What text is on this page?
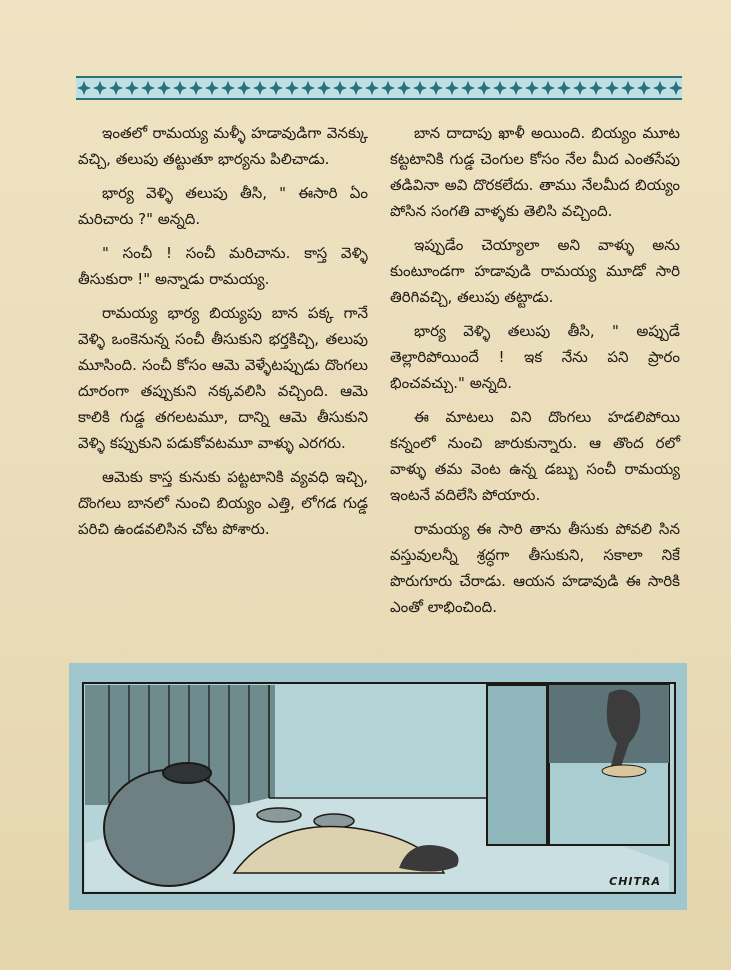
ఇంతలో రామయ్య మళ్ళీ హడావుడిగా వెనక్కు వచ్చి, తలుపు తట్టుతూ భార్యను పిలిచాడు.

భార్య వెళ్ళి తలుపు తీసి, " ఈసారి ఏం మరిచారు ?" అన్నది.

" సంచీ ! సంచీ మరిచాను. కాస్త వెళ్ళి తీసుకురా !" అన్నాడు రామయ్య.

రామయ్య భార్య బియ్యపు బాన పక్క గానే వెళ్ళి ఒంకెనున్న సంచీ తీసుకుని భర్తకిచ్చి, తలుపు మూసింది. సంచీ కోసం ఆమె వెళ్ళేటప్పుడు దొంగలు దూరంగా తప్పుకుని నక్కవలిసి వచ్చింది. ఆమె కాలికి గుడ్డ తగలటమూ, దాన్ని ఆమె తీసుకుని వెళ్ళి కప్పుకుని పడుకోవటమూ వాళ్ళు ఎరగరు.

ఆమెకు కాస్త కునుకు పట్టటానికి వ్యవధి ఇచ్చి, దొంగలు బానలో నుంచి బియ్యం ఎత్తి, లోగడ గుడ్డ పరిచి ఉండవలిసిన చోట పోశారు.

బాన దాదాపు ఖాళీ అయింది. బియ్యం మూట కట్టటానికి గుడ్డ చెంగుల కోసం నేల మీద ఎంతసేపు తడివినా అవి దొరకలేదు. తాము నేలమీద బియ్యం పోసిన సంగతి వాళ్ళకు తెలిసి వచ్చింది.

ఇప్పుడేం చెయ్యాలా అని వాళ్ళు అను కుంటూండగా హడావుడి రామయ్య మూడో సారి తిరిగివచ్చి, తలుపు తట్టాడు.

భార్య వెళ్ళి తలుపు తీసి, " అప్పుడే తెల్లారిపోయిందే ! ఇక నేను పని ప్రారం భించవచ్చు." అన్నది.

ఈ మాటలు విని దొంగలు హడలిపోయి కన్నంలో నుంచి జారుకున్నారు. ఆ తొంద రలో వాళ్ళు తమ వెంట ఉన్న డబ్బు సంచీ రామయ్య ఇంటనే వదిలేసి పోయారు.

రామయ్య ఈ సారి తాను తీసుకు పోవలి సిన వస్తువులన్నీ శ్రద్ధగా తీసుకుని, సకాలా నికే పొరుగూరు చేరాడు. ఆయన హడావుడి ఈ సారికి ఎంతో లాభించింది.

CHITRA
